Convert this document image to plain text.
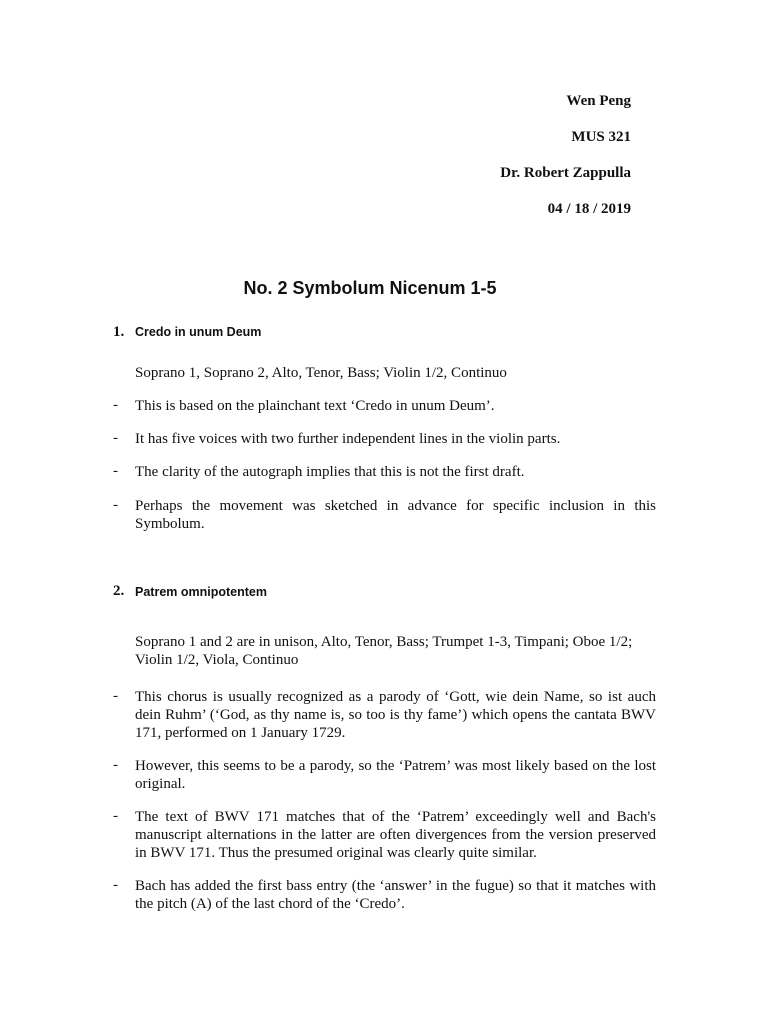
Wen Peng
MUS 321
Dr. Robert Zappulla
04 / 18 / 2019
No. 2 Symbolum Nicenum 1-5
1. Credo in unum Deum
Soprano 1, Soprano 2, Alto, Tenor, Bass; Violin 1/2, Continuo
- This is based on the plainchant text ‘Credo in unum Deum’.
- It has five voices with two further independent lines in the violin parts.
- The clarity of the autograph implies that this is not the first draft.
- Perhaps the movement was sketched in advance for specific inclusion in this Symbolum.
2. Patrem omnipotentem
Soprano 1 and 2 are in unison, Alto, Tenor, Bass; Trumpet 1-3, Timpani; Oboe 1/2; Violin 1/2, Viola, Continuo
- This chorus is usually recognized as a parody of ‘Gott, wie dein Name, so ist auch dein Ruhm’ (‘God, as thy name is, so too is thy fame’) which opens the cantata BWV 171, performed on 1 January 1729.
- However, this seems to be a parody, so the ‘Patrem’ was most likely based on the lost original.
- The text of BWV 171 matches that of the ‘Patrem’ exceedingly well and Bach's manuscript alternations in the latter are often divergences from the version preserved in BWV 171. Thus the presumed original was clearly quite similar.
- Bach has added the first bass entry (the ‘answer’ in the fugue) so that it matches with the pitch (A) of the last chord of the ‘Credo’.
